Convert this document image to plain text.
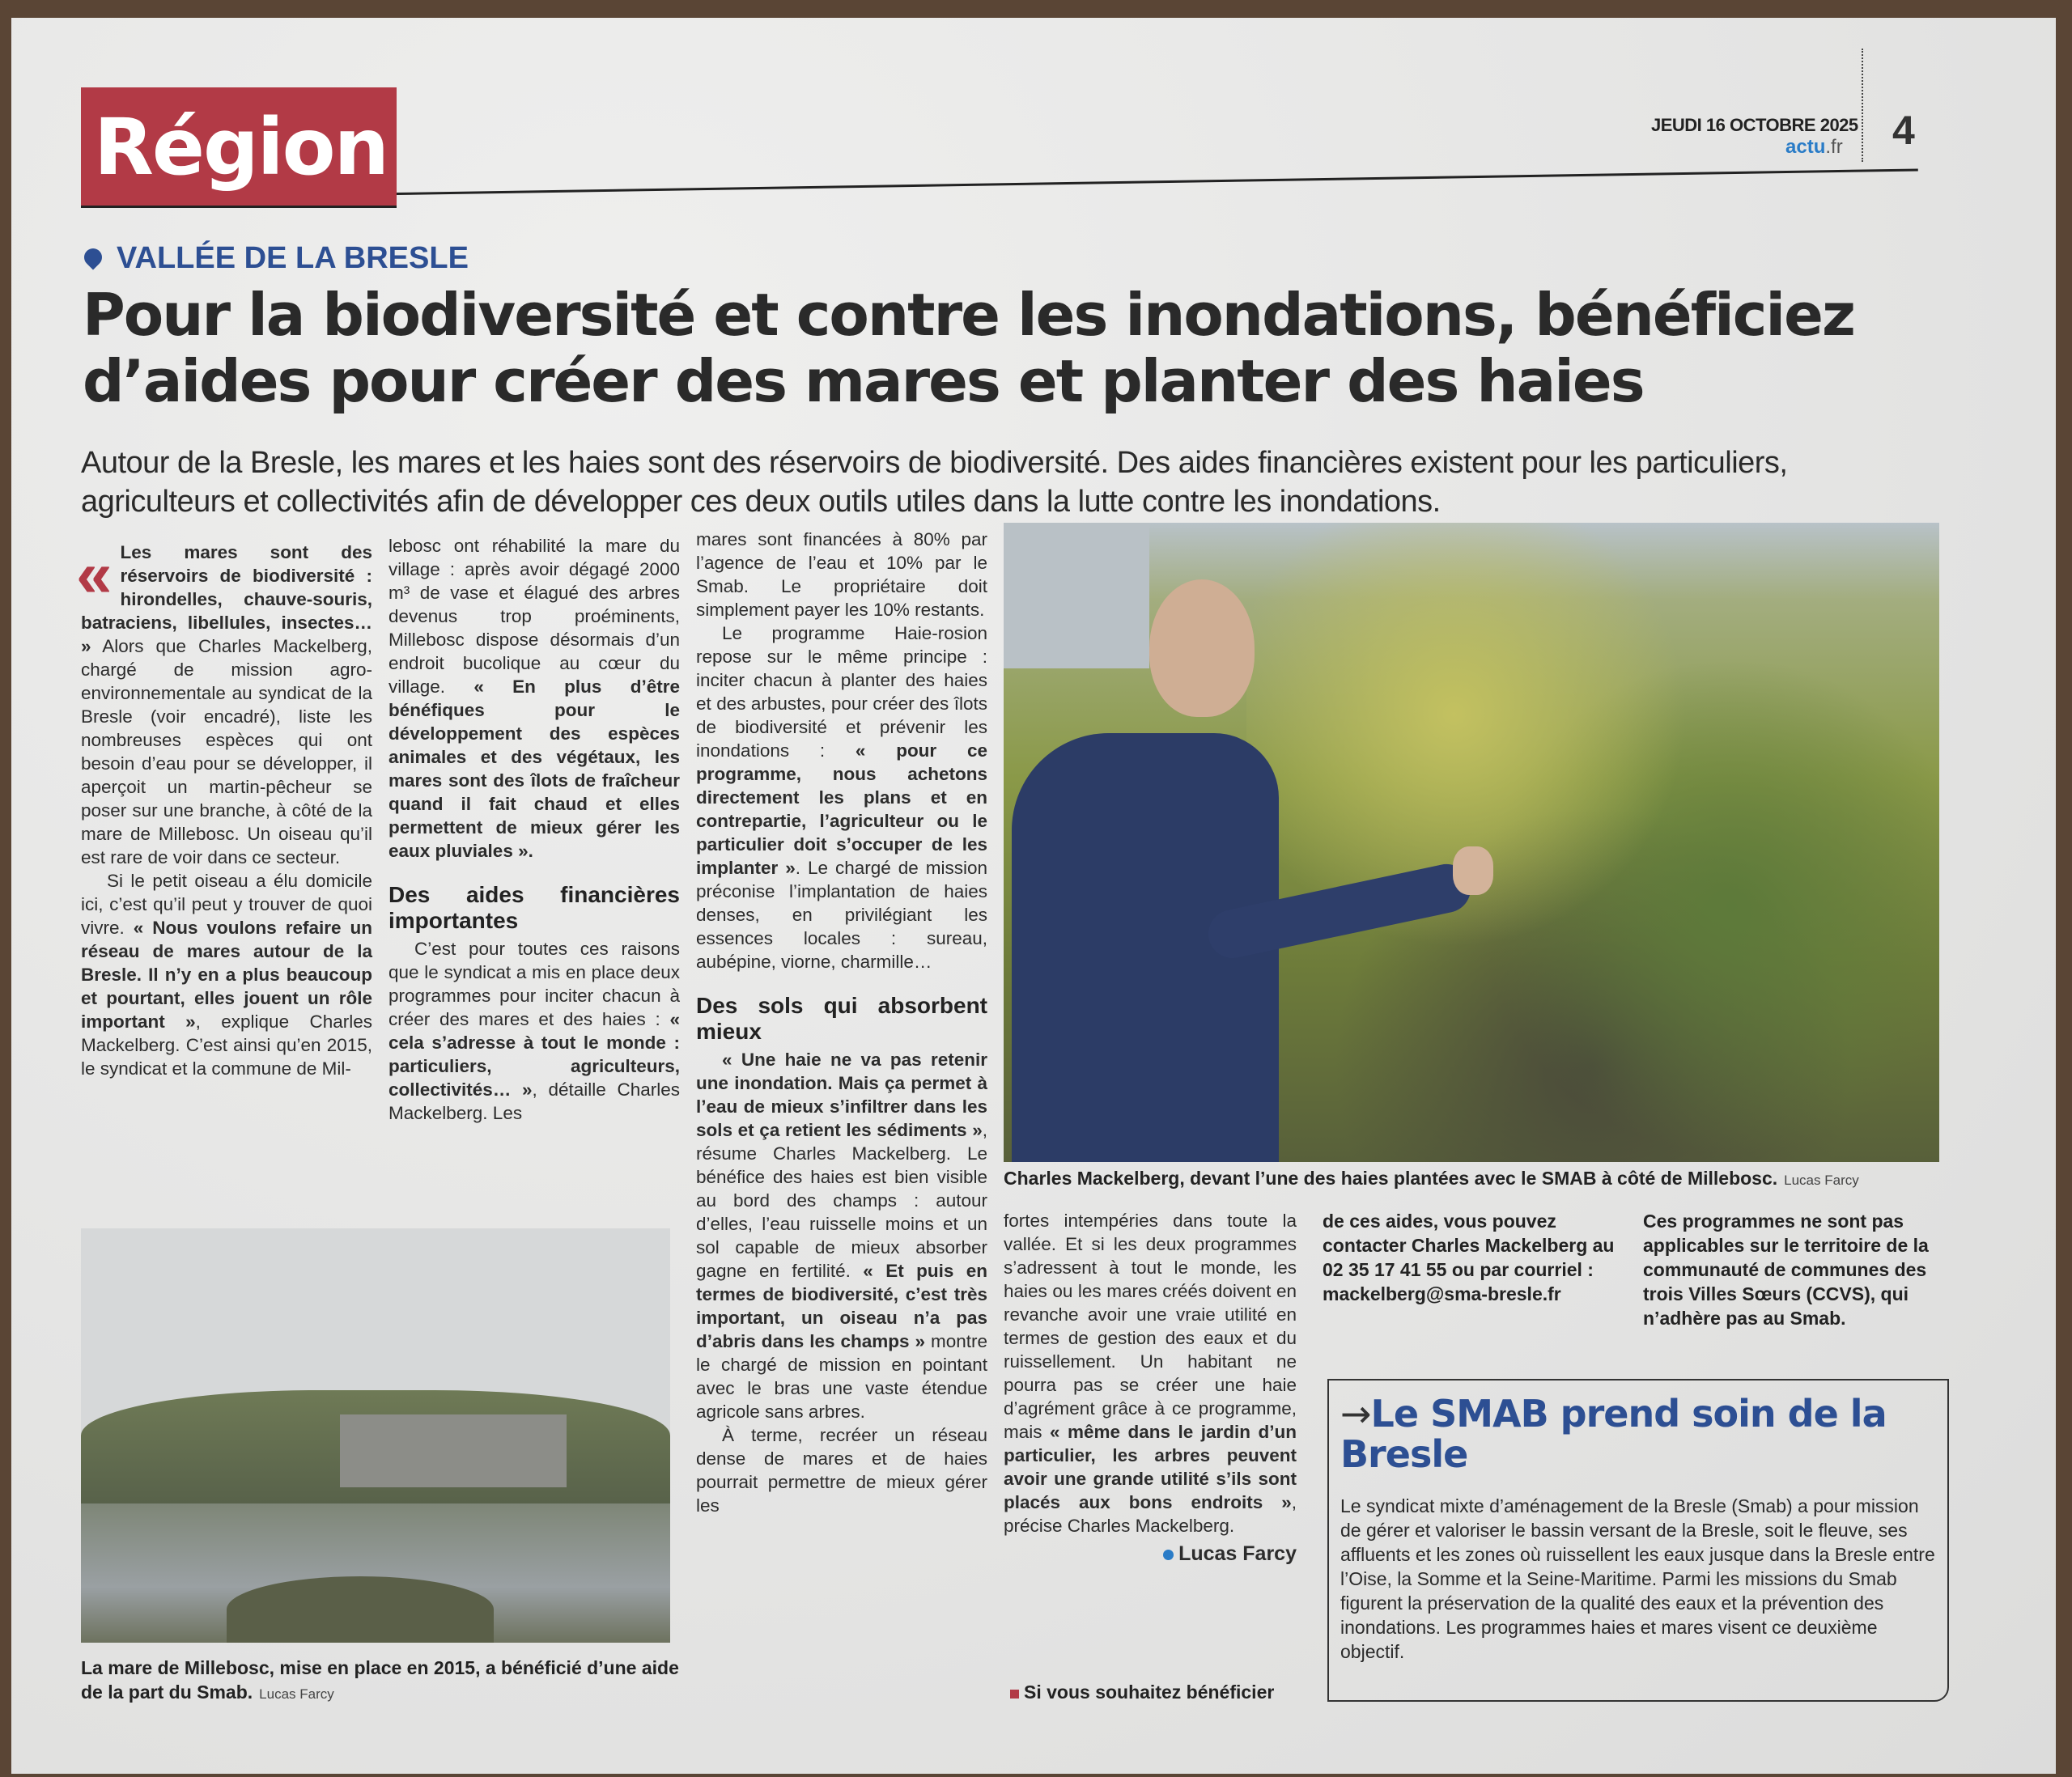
Région	JEUDI 16 OCTOBRE 2025
actu.fr 4
VALLÉE DE LA BRESLE
Pour la biodiversité et contre les inondations, bénéficiez d’aides pour créer des mares et planter des haies
Autour de la Bresle, les mares et les haies sont des réservoirs de biodiversité. Des aides financières existent pour les particuliers, agriculteurs et collectivités afin de développer ces deux outils utiles dans la lutte contre les inondations.
« Les mares sont des réservoirs de biodiversité : hirondelles, chauve-souris, batraciens, libellules, insectes… » Alors que Charles Mackelberg, chargé de mission agro-environnementale au syndicat de la Bresle (voir encadré), liste les nombreuses espèces qui ont besoin d’eau pour se développer, il aperçoit un martin-pêcheur se poser sur une branche, à côté de la mare de Millebosc. Un oiseau qu’il est rare de voir dans ce secteur.

Si le petit oiseau a élu domicile ici, c’est qu’il peut y trouver de quoi vivre. « Nous voulons refaire un réseau de mares autour de la Bresle. Il n’y en a plus beaucoup et pourtant, elles jouent un rôle important », explique Charles Mackelberg. C’est ainsi qu’en 2015, le syndicat et la commune de Mil-

lebosc ont réhabilité la mare du village : après avoir dégagé 2000 m³ de vase et élagué des arbres devenus trop proéminents, Millebosc dispose désormais d’un endroit bucolique au cœur du village. « En plus d’être bénéfiques pour le développement des espèces animales et des végétaux, les mares sont des îlots de fraîcheur quand il fait chaud et elles permettent de mieux gérer les eaux pluviales ».

Des aides financières importantes

C’est pour toutes ces raisons que le syndicat a mis en place deux programmes pour inciter chacun à créer des mares et des haies : « cela s’adresse à tout le monde : particuliers, agriculteurs, collectivités… », détaille Charles Mackelberg. Les

mares sont financées à 80% par l’agence de l’eau et 10% par le Smab. Le propriétaire doit simplement payer les 10% restants.

Le programme Haie-rosion repose sur le même principe : inciter chacun à planter des haies et des arbustes, pour créer des îlots de biodiversité et prévenir les inondations : « pour ce programme, nous achetons directement les plans et en contrepartie, l’agriculteur ou le particulier doit s’occuper de les implanter ». Le chargé de mission préconise l’implantation de haies denses, en privilégiant les essences locales : sureau, aubépine, viorne, charmille…

Des sols qui absorbent mieux

« Une haie ne va pas retenir une inondation. Mais ça permet à l’eau de mieux s’infiltrer dans les sols et ça retient les sédiments », résume Charles Mackelberg. Le bénéfice des haies est bien visible au bord des champs : autour d’elles, l’eau ruisselle moins et un sol capable de mieux absorber gagne en fertilité. « Et puis en termes de biodiversité, c’est très important, un oiseau n’a pas d’abris dans les champs » montre le chargé de mission en pointant avec le bras une vaste étendue agricole sans arbres.

À terme, recréer un réseau dense de mares et de haies pourrait permettre de mieux gérer les

Charles Mackelberg, devant l’une des haies plantées avec le SMAB à côté de Millebosc. Lucas Farcy
La mare de Millebosc, mise en place en 2015, a bénéficié d’une aide de la part du Smab. Lucas Farcy

fortes intempéries dans toute la vallée. Et si les deux programmes s’adressent à tout le monde, les haies ou les mares créés doivent en revanche avoir une vraie utilité en termes de gestion des eaux et du ruissellement. Un habitant ne pourra pas se créer une haie d’agrément grâce à ce programme, mais « même dans le jardin d’un particulier, les arbres peuvent avoir une grande utilité s’ils sont placés aux bons endroits », précise Charles Mackelberg.

Lucas Farcy
Si vous souhaitez bénéficier
de ces aides, vous pouvez contacter Charles Mackelberg au 02 35 17 41 55 ou par courriel : mackelberg@sma-bresle.fr
Ces programmes ne sont pas applicables sur le territoire de la communauté de communes des trois Villes Sœurs (CCVS), qui n’adhère pas au Smab.
→Le SMAB prend soin de la Bresle

Le syndicat mixte d’aménagement de la Bresle (Smab) a pour mission de gérer et valoriser le bassin versant de la Bresle, soit le fleuve, ses affluents et les zones où ruissellent les eaux jusque dans la Bresle entre l’Oise, la Somme et la Seine-Maritime. Parmi les missions du Smab figurent la préservation de la qualité des eaux et la prévention des inondations. Les programmes haies et mares visent ce deuxième objectif.
